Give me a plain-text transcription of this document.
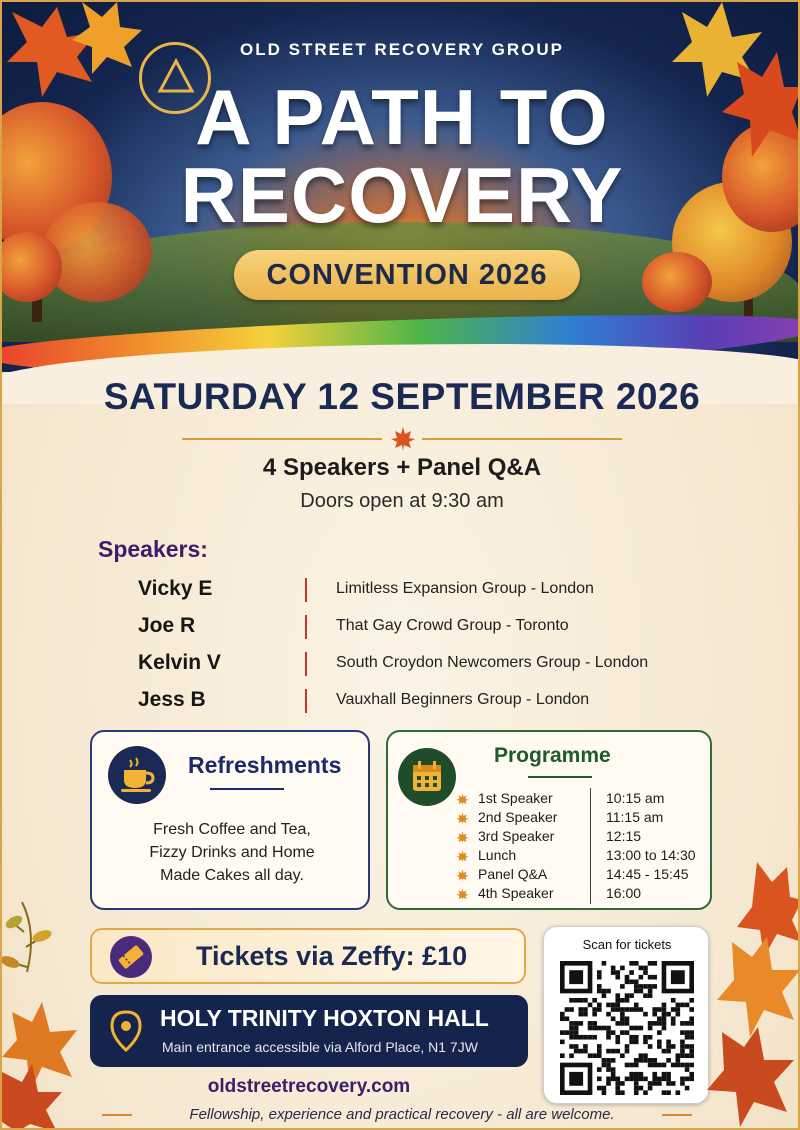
OLD STREET RECOVERY GROUP
A PATH TO
RECOVERY
CONVENTION 2026
SATURDAY 12 SEPTEMBER 2026
4 Speakers + Panel Q&A
Doors open at 9:30 am
Speakers:
Vicky E	Limitless Expansion Group - London
Joe R	That Gay Crowd Group - Toronto
Kelvin V	South Croydon Newcomers Group - London
Jess B	Vauxhall Beginners Group - London
Refreshments
Fresh Coffee and Tea,
Fizzy Drinks and Home
Made Cakes all day.
Programme
1st Speaker	10:15 am
2nd Speaker	11:15 am
3rd Speaker	12:15
Lunch	13:00 to 14:30
Panel Q&A	14:45 - 15:45
4th Speaker	16:00
Tickets via Zeffy: £10
HOLY TRINITY HOXTON HALL
Main entrance accessible via Alford Place, N1 7JW
oldstreetrecovery.com
Scan for tickets
Fellowship, experience and practical recovery - all are welcome.
